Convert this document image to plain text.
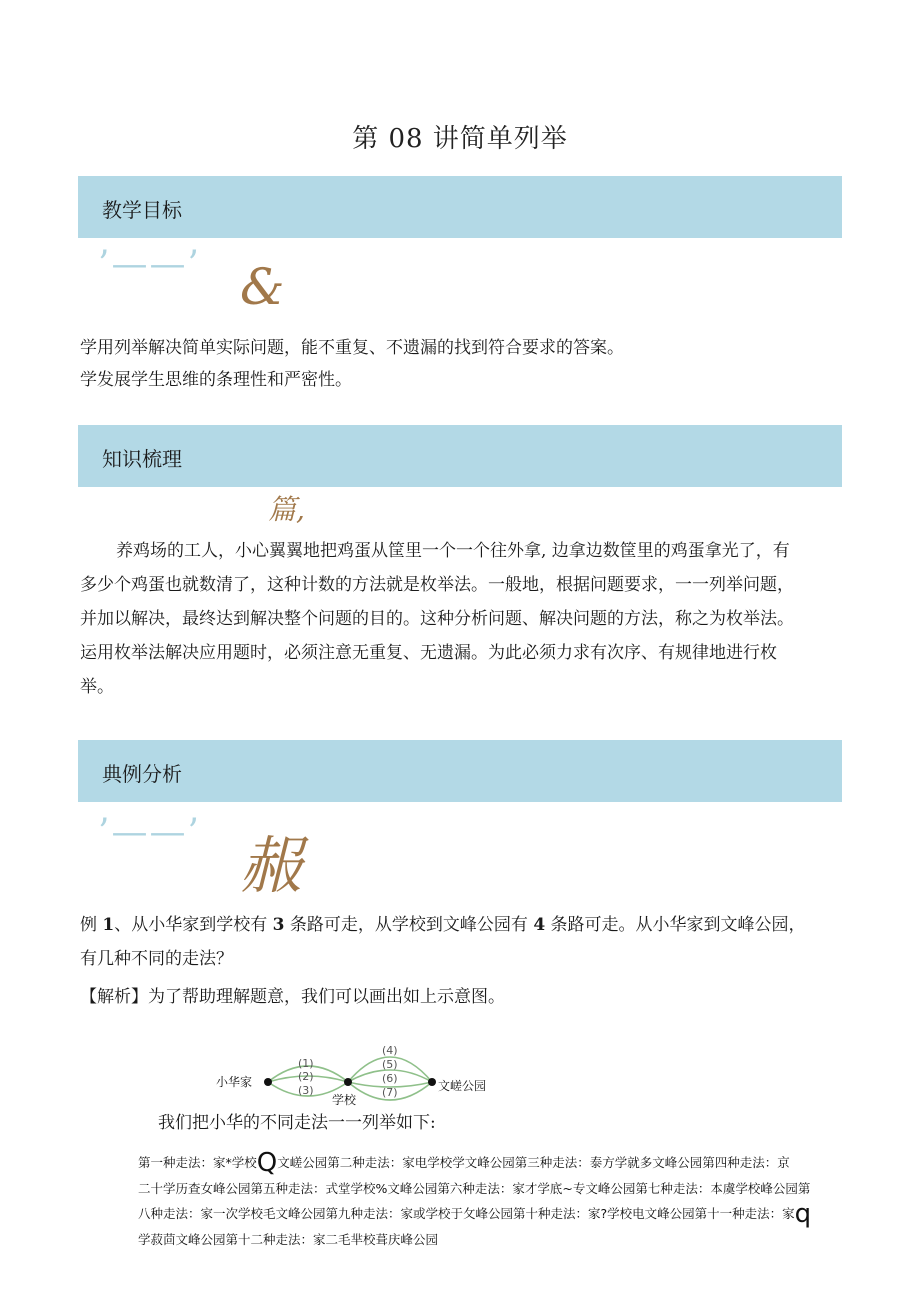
第 08 讲简单列举
教学目标
’——’ &
学用列举解决简单实际问题，能不重复、不遗漏的找到符合要求的答案。
学发展学生思维的条理性和严密性。
知识梳理
篇,
养鸡场的工人，小心翼翼地把鸡蛋从筐里一个一个往外拿, 边拿边数筐里的鸡蛋拿光了，有
多少个鸡蛋也就数清了，这种计数的方法就是枚举法。一般地，根据问题要求，一一列举问题，
并加以解决，最终达到解决整个问题的目的。这种分析问题、解决问题的方法，称之为枚举法。
运用枚举法解决应用题时，必须注意无重复、无遗漏。为此必须力求有次序、有规律地进行枚
举。
典例分析
’——’ 赧
例 1、从小华家到学校有 3 条路可走，从学校到文峰公园有 4 条路可走。从小华家到文峰公园，
有几种不同的走法？
【解析】为了帮助理解题意，我们可以画出如上示意图。
(1)
(2)
(3)
(4)
(5)
(6)
(7)
小华家
学校
文嵯公园
我们把小华的不同走法一一列举如下:
第一种走法：家*学校Q文嵯公园第二种走法：家电学校学文峰公园第三种走法：泰方学就多文峰公园第四种走法：京
二十学历查女峰公园第五种走法：式堂学校%文峰公园第六种走法：家才学底~专文峰公园第七种走法：本虞学校峰公园第
八种走法：家一次学校毛文峰公园第九种走法：家或学校于攵峰公园第十种走法：家?学校电文峰公园第十一种走法：家q
学菽茴文峰公园第十二种走法：家二毛芈校葺庆峰公园
